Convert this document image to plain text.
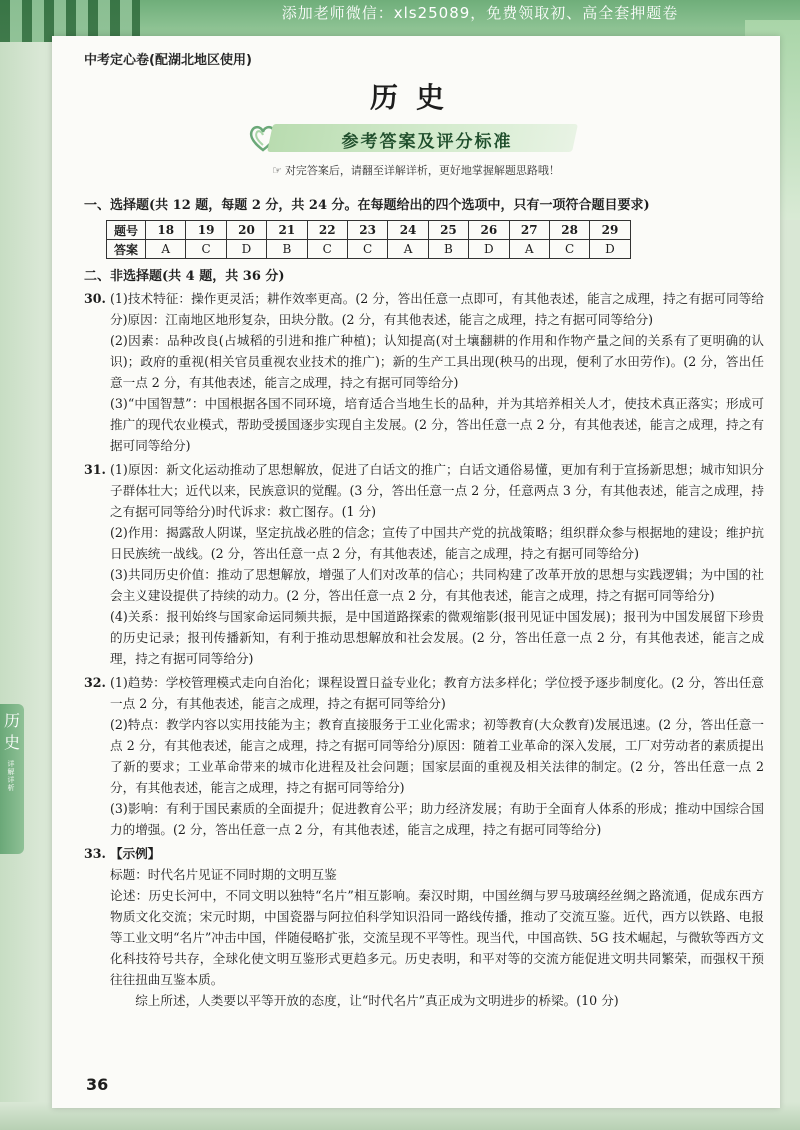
添加老师微信：xls25089，免费领取初、高全套押题卷
中考定心卷(配湖北地区使用)
历史
参考答案及评分标准
☞ 对完答案后，请翻至详解详析，更好地掌握解题思路哦！
一、选择题(共 12 题，每题 2 分，共 24 分。在每题给出的四个选项中，只有一项符合题目要求)
题号	18	19	20	21	22	23	24	25	26	27	28	29
答案	A	C	D	B	C	C	A	B	D	A	C	D
二、非选择题(共 4 题，共 36 分)
30. (1)技术特征：操作更灵活；耕作效率更高。(2 分，答出任意一点即可，有其他表述，能言之成理，持之有据可同等给分)原因：江南地区地形复杂，田块分散。(2 分，有其他表述，能言之成理，持之有据可同等给分)

(2)因素：品种改良(占城稻的引进和推广种植)；认知提高(对土壤翻耕的作用和作物产量之间的关系有了更明确的认识)；政府的重视(相关官员重视农业技术的推广)；新的生产工具出现(秧马的出现，便利了水田劳作)。(2 分，答出任意一点 2 分，有其他表述，能言之成理，持之有据可同等给分)

(3)“中国智慧”：中国根据各国不同环境，培育适合当地生长的品种，并为其培养相关人才，使技术真正落实；形成可推广的现代农业模式，帮助受援国逐步实现自主发展。(2 分，答出任意一点 2 分，有其他表述，能言之成理，持之有据可同等给分)

31. (1)原因：新文化运动推动了思想解放，促进了白话文的推广；白话文通俗易懂，更加有利于宣扬新思想；城市知识分子群体壮大；近代以来，民族意识的觉醒。(3 分，答出任意一点 2 分，任意两点 3 分，有其他表述，能言之成理，持之有据可同等给分)时代诉求：救亡图存。(1 分)

(2)作用：揭露敌人阴谋，坚定抗战必胜的信念；宣传了中国共产党的抗战策略；组织群众参与根据地的建设；维护抗日民族统一战线。(2 分，答出任意一点 2 分，有其他表述，能言之成理，持之有据可同等给分)

(3)共同历史价值：推动了思想解放，增强了人们对改革的信心；共同构建了改革开放的思想与实践逻辑；为中国的社会主义建设提供了持续的动力。(2 分，答出任意一点 2 分，有其他表述，能言之成理，持之有据可同等给分)

(4)关系：报刊始终与国家命运同频共振，是中国道路探索的微观缩影(报刊见证中国发展)；报刊为中国发展留下珍贵的历史记录；报刊传播新知，有利于推动思想解放和社会发展。(2 分，答出任意一点 2 分，有其他表述，能言之成理，持之有据可同等给分)

32. (1)趋势：学校管理模式走向自治化；课程设置日益专业化；教育方法多样化；学位授予逐步制度化。(2 分，答出任意一点 2 分，有其他表述，能言之成理，持之有据可同等给分)

(2)特点：教学内容以实用技能为主；教育直接服务于工业化需求；初等教育(大众教育)发展迅速。(2 分，答出任意一点 2 分，有其他表述，能言之成理，持之有据可同等给分)原因：随着工业革命的深入发展，工厂对劳动者的素质提出了新的要求；工业革命带来的城市化进程及社会问题；国家层面的重视及相关法律的制定。(2 分，答出任意一点 2 分，有其他表述，能言之成理，持之有据可同等给分)

(3)影响：有利于国民素质的全面提升；促进教育公平；助力经济发展；有助于全面育人体系的形成；推动中国综合国力的增强。(2 分，答出任意一点 2 分，有其他表述，能言之成理，持之有据可同等给分)

33. 【示例】

标题：时代名片见证不同时期的文明互鉴

论述：历史长河中，不同文明以独特“名片”相互影响。秦汉时期，中国丝绸与罗马玻璃经丝绸之路流通，促成东西方物质文化交流；宋元时期，中国瓷器与阿拉伯科学知识沿同一路线传播，推动了交流互鉴。近代，西方以铁路、电报等工业文明“名片”冲击中国，伴随侵略扩张，交流呈现不平等性。现当代，中国高铁、5G 技术崛起，与微软等西方文化科技符号共存，全球化使文明互鉴形式更趋多元。历史表明，和平对等的交流方能促进文明共同繁荣，而强权干预往往扭曲互鉴本质。

综上所述，人类要以平等开放的态度，让“时代名片”真正成为文明进步的桥梁。(10 分)

36
历史
详解详析
